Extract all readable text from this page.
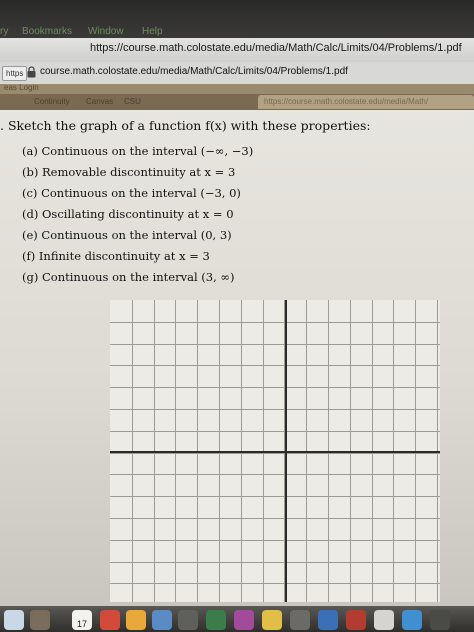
ry Bookmarks Window Help
https://course.math.colostate.edu/media/Math/Calc/Limits/04/Problems/1.pdf
https	course.math.colostate.edu/media/Math/Calc/Limits/04/Problems/1.pdf
eas Login
Continuity Canvas CSU	https://course.math.colostate.edu/media/Math/
. Sketch the graph of a function f(x) with these properties:
(a) Continuous on the interval (−∞, −3)
(b) Removable discontinuity at x = 3
(c) Continuous on the interval (−3, 0)
(d) Oscillating discontinuity at x = 0
(e) Continuous on the interval (0, 3)
(f) Infinite discontinuity at x = 3
(g) Continuous on the interval (3, ∞)
17
